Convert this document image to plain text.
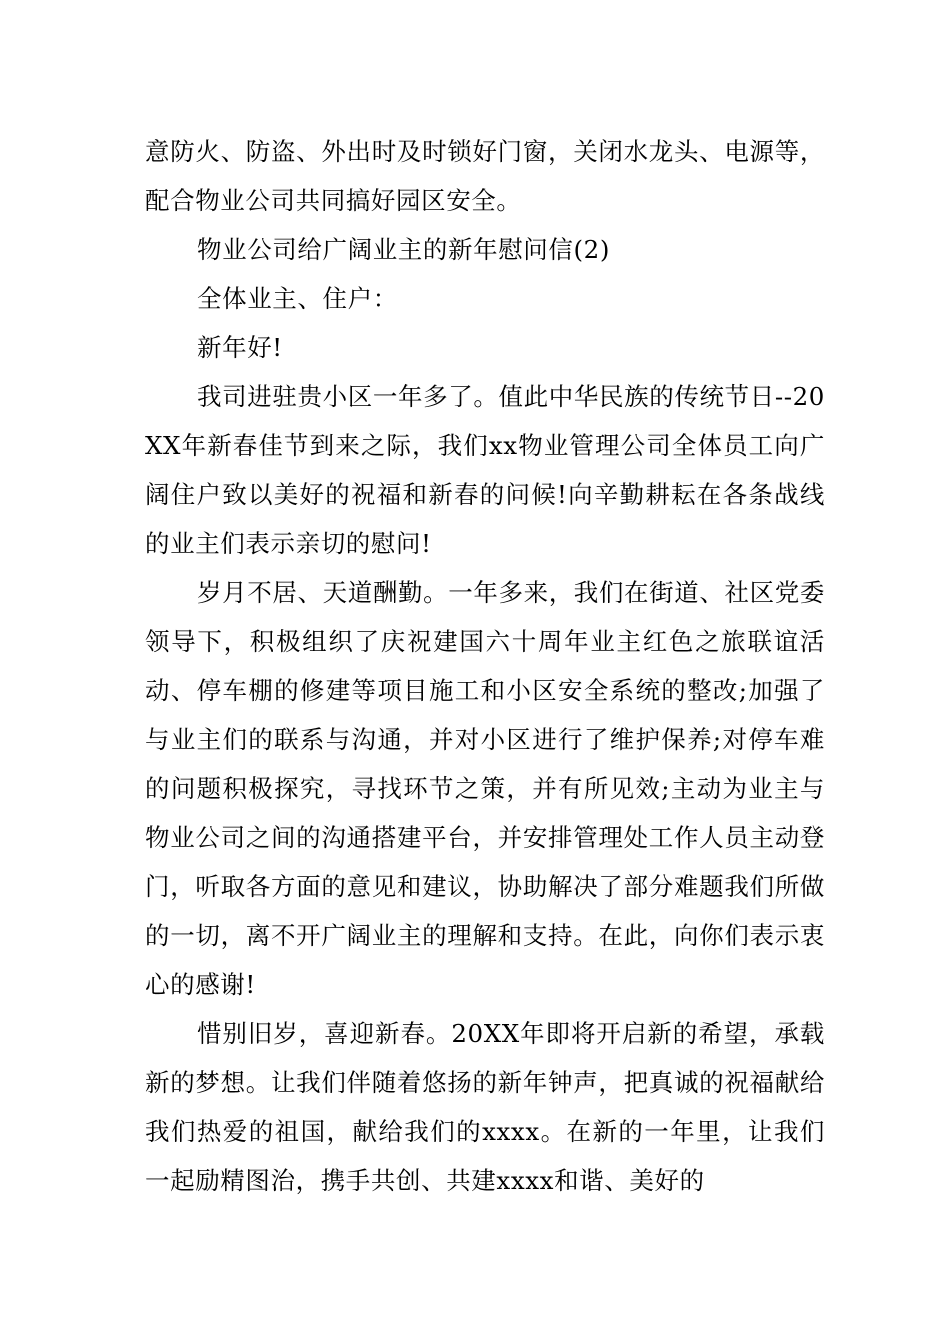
意防火、防盗、外出时及时锁好门窗，关闭水龙头、电源等，配合物业公司共同搞好园区安全。

物业公司给广阔业主的新年慰问信(2)

全体业主、住户：

新年好!

我司进驻贵小区一年多了。值此中华民族的传统节日--20XX年新春佳节到来之际，我们xx物业管理公司全体员工向广阔住户致以美好的祝福和新春的问候!向辛勤耕耘在各条战线的业主们表示亲切的慰问!

岁月不居、天道酬勤。一年多来，我们在街道、社区党委领导下，积极组织了庆祝建国六十周年业主红色之旅联谊活动、停车棚的修建等项目施工和小区安全系统的整改;加强了与业主们的联系与沟通，并对小区进行了维护保养;对停车难的问题积极探究，寻找环节之策，并有所见效;主动为业主与物业公司之间的沟通搭建平台，并安排管理处工作人员主动登门，听取各方面的意见和建议，协助解决了部分难题我们所做的一切，离不开广阔业主的理解和支持。在此，向你们表示衷心的感谢!

惜别旧岁，喜迎新春。20XX年即将开启新的希望，承载新的梦想。让我们伴随着悠扬的新年钟声，把真诚的祝福献给我们热爱的祖国，献给我们的xxxx。在新的一年里，让我们一起励精图治，携手共创、共建xxxx和谐、美好的
